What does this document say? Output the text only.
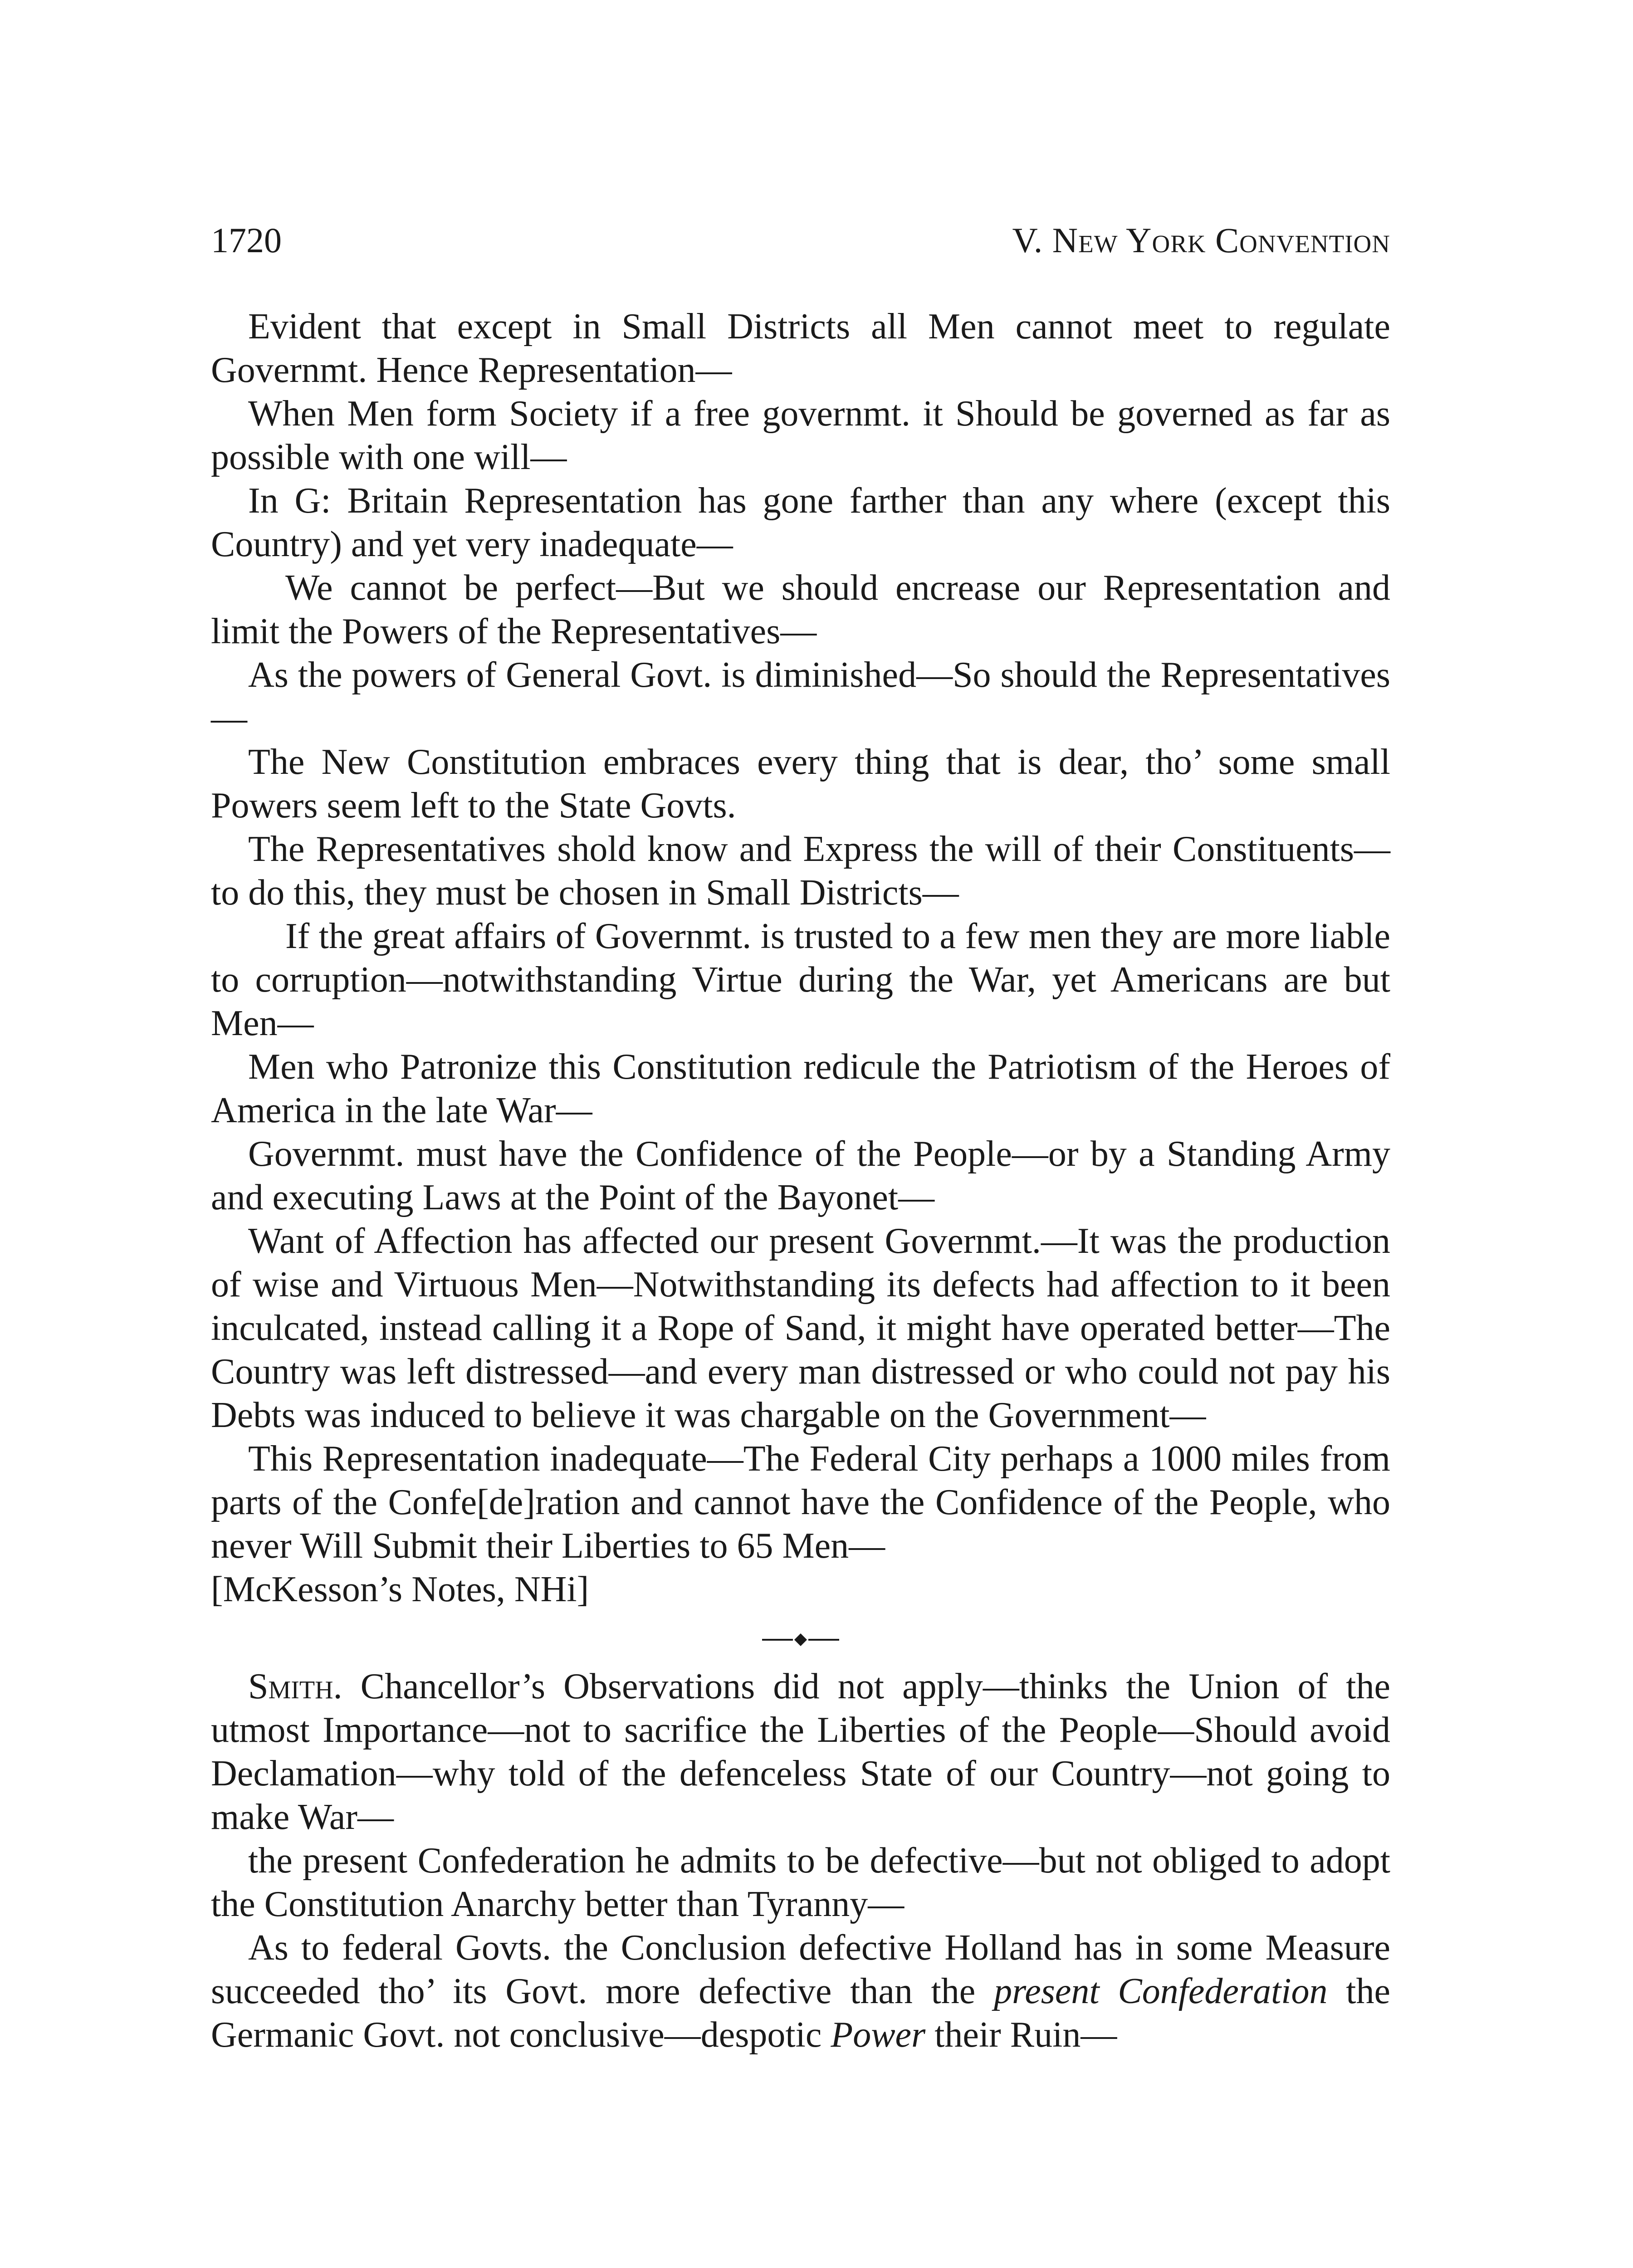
1720	V. New York Convention

Evident that except in Small Districts all Men cannot meet to regulate Governmt. Hence Representation—

When Men form Society if a free governmt. it Should be governed as far as possible with one will—

In G: Britain Representation has gone farther than any where (except this Country) and yet very inadequate—

We cannot be perfect—But we should encrease our Representation and limit the Powers of the Representatives—

As the powers of General Govt. is diminished—So should the Representatives—

The New Constitution embraces every thing that is dear, tho’ some small Powers seem left to the State Govts.

The Representatives shold know and Express the will of their Constituents—to do this, they must be chosen in Small Districts—

If the great affairs of Governmt. is trusted to a few men they are more liable to corruption—notwithstanding Virtue during the War, yet Americans are but Men—

Men who Patronize this Constitution redicule the Patriotism of the Heroes of America in the late War—

Governmt. must have the Confidence of the People—or by a Standing Army and executing Laws at the Point of the Bayonet—

Want of Affection has affected our present Governmt.—It was the production of wise and Virtuous Men—Notwithstanding its defects had affection to it been inculcated, instead calling it a Rope of Sand, it might have operated better—The Country was left distressed—and every man distressed or who could not pay his Debts was induced to believe it was chargable on the Government—

This Representation inadequate—The Federal City perhaps a 1000 miles from parts of the Confe[de]ration and cannot have the Confidence of the People, who never Will Submit their Liberties to 65 Men—

[McKesson’s Notes, NHi]

Smith. Chancellor’s Observations did not apply—thinks the Union of the utmost Importance—not to sacrifice the Liberties of the People—Should avoid Declamation—why told of the defenceless State of our Country—not going to make War—

the present Confederation he admits to be defective—but not obliged to adopt the Constitution Anarchy better than Tyranny—

As to federal Govts. the Conclusion defective Holland has in some Measure succeeded tho’ its Govt. more defective than the present Confederation the Germanic Govt. not conclusive—despotic Power their Ruin—
